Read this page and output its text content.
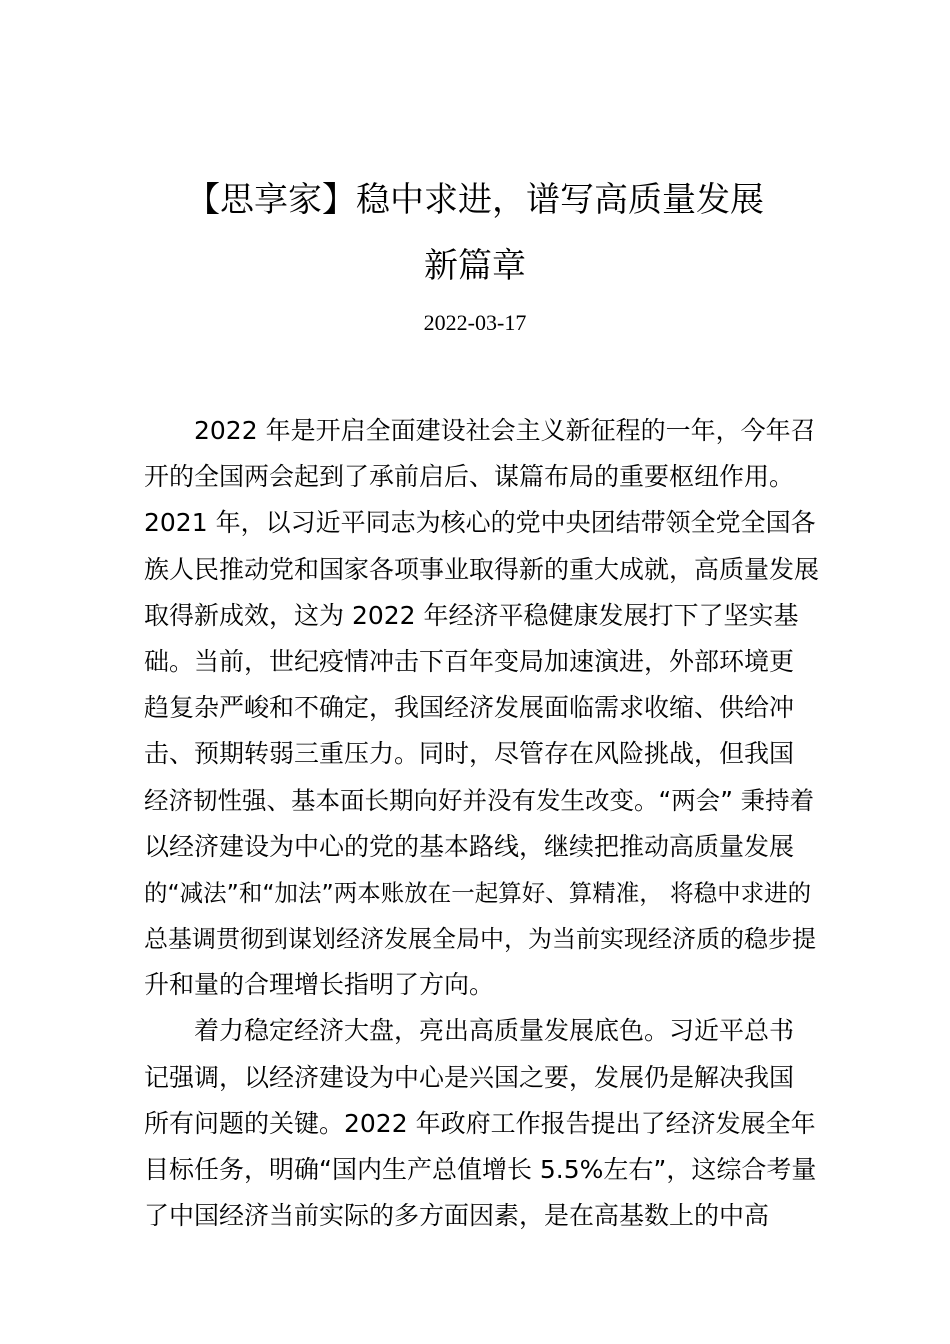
【思享家】稳中求进，谱写高质量发展
新篇章
2022-03-17
2022 年是开启全面建设社会主义新征程的一年，今年召
开的全国两会起到了承前启后、谋篇布局的重要枢纽作用。
2021 年，以习近平同志为核心的党中央团结带领全党全国各
族人民推动党和国家各项事业取得新的重大成就，高质量发展
取得新成效，这为 2022 年经济平稳健康发展打下了坚实基
础。当前，世纪疫情冲击下百年变局加速演进，外部环境更
趋复杂严峻和不确定，我国经济发展面临需求收缩、供给冲
击、预期转弱三重压力。同时，尽管存在风险挑战，但我国
经济韧性强、基本面长期向好并没有发生改变。“两会” 秉持着
以经济建设为中心的党的基本路线，继续把推动高质量发展
的“减法”和“加法”两本账放在一起算好、算精准， 将稳中求进的
总基调贯彻到谋划经济发展全局中，为当前实现经济质的稳步提
升和量的合理增长指明了方向。
着力稳定经济大盘，亮出高质量发展底色。习近平总书
记强调，以经济建设为中心是兴国之要，发展仍是解决我国
所有问题的关键。2022 年政府工作报告提出了经济发展全年
目标任务，明确“国内生产总值增长 5.5%左右”，这综合考量
了中国经济当前实际的多方面因素，是在高基数上的中高
